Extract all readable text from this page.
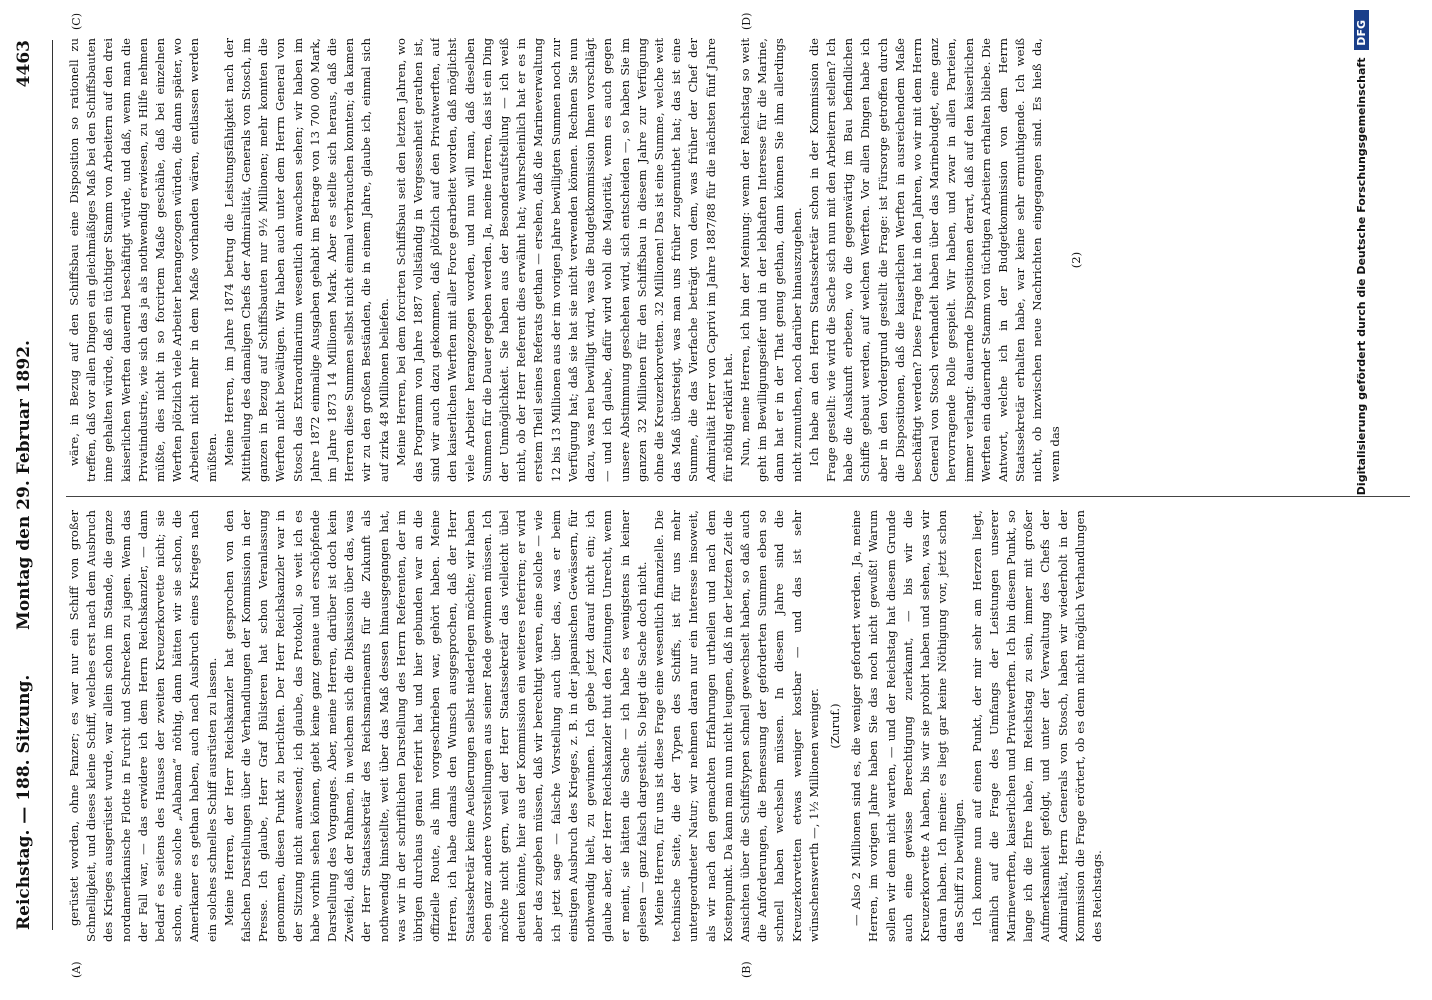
Reichstag. — 188. Sitzung.
Montag den 29. Februar 1892.
4463
(A)	(B)
(C)	(D)

gerüstet worden, ohne Panzer; es war nur ein Schiff von großer Schnelligkeit, und dieses kleine Schiff, welches erst nach dem Ausbruch des Krieges ausgerüstet wurde, war allein schon im Stande, die ganze nordamerikanische Flotte in Furcht und Schrecken zu jagen. Wenn das der Fall war, — das erwidere ich dem Herrn Reichskanzler, — dann bedarf es seitens des Hauses der zweiten Kreuzerkorvette nicht; sie schon, eine solche „Alabama“ nöthig, dann hätten wir sie schon, die Amerikaner es gethan haben, auch nach Ausbruch eines Krieges nach ein solches schnelles Schiff ausrüsten zu lassen. Meine Herren, der Herr Reichskanzler hat gesprochen von den falschen Darstellungen über die Verhandlungen der Kommission in der Presse. Ich glaube, Herr Graf Bülsteren hat schon Veranlassung genommen, diesen Punkt zu berichten. Der Herr Reichskanzler war in der Sitzung nicht anwesend; ich glaube, das Protokoll, so weit ich es habe vorhin sehen können, giebt keine ganz genaue und erschöpfende Darstellung des Vorganges. Aber, meine Herren, darüber ist doch kein Zweifel, daß der Rahmen, in welchem sich die Diskussion über das, was der Herr Staatssekretär des Reichsmarineamts für die Zukunft als nothwendig hinstellte, weit über das Maß dessen hinausgegangen hat, was wir in der schriftlichen Darstellung des Herrn Referenten, der im übrigen durchaus genau referirt hat und hier gebunden war an die offizielle Route, als ihm vorgeschrieben war, gehört haben. Meine Herren, ich habe damals den Wunsch ausgesprochen, daß der Herr Staatssekretär keine Aeußerungen selbst niederlegen möchte; wir haben eben ganz andere Vorstellungen aus seiner Rede gewinnen müssen. Ich möchte nicht gern, weil der Herr Staatssekretär das vielleicht übel deuten könnte, hier aus der Kommission ein weiteres referiren; er wird aber das zugeben müssen, daß wir berechtigt waren, eine solche — wie ich jetzt sage — falsche Vorstellung auch über das, was er beim einstigen Ausbruch des Krieges, z. B. in der japanischen Gewässern, für nothwendig hielt, zu gewinnen. Ich gebe jetzt darauf nicht ein; ich glaube aber, der Herr Reichskanzler thut den Zeitungen Unrecht, wenn er meint, sie hätten die Sache — ich habe es wenigstens in keiner gelesen — ganz falsch dargestellt. So liegt die Sache doch nicht. Meine Herren, für uns ist diese Frage eine wesentlich finanzielle. Die technische Seite, die der Typen des Schiffs, ist für uns mehr untergeordneter Natur; wir nehmen daran nur ein Interesse insoweit, als wir nach den gemachten Erfahrungen urtheilen und nach dem Kostenpunkt. Da kann man nun nicht leugnen, daß in der letzten Zeit die Ansichten über die Schiffstypen schnell gewechselt haben, so daß auch die Anforderungen, die Bemessung der geforderten Summen eben so schnell haben wechseln müssen. In diesem Jahre sind die Kreuzerkorvetten etwas weniger kostbar — und das ist sehr wünschenswerth —, 1½ Millionen weniger. (Zuruf.) — Also 2 Millionen sind es, die weniger gefordert werden. Ja, meine Herren, im vorigen Jahre haben Sie das noch nicht gewußt! Warum sollen wir denn nicht warten, — und der Reichstag hat diesem Grunde auch eine gewisse Berechtigung zuerkannt, — bis wir die Kreuzerkorvette A haben, bis wir sie probirt haben und sehen, was wir daran haben. Ich meine: es liegt gar keine Nöthigung vor, jetzt schon das Schiff zu bewilligen. Ich komme nun auf einen Punkt, der mir sehr am Herzen liegt, nämlich auf die Frage des Umfangs der Leistungen unserer Marinewerften, kaiserlichen und Privatwerften. Ich bin diesem Punkt, so lange ich die Ehre habe, im Reichstag zu sein, immer mit großer Aufmerksamkeit gefolgt, und unter der Verwaltung des Chefs der Admiralität, Herrn Generals von Stosch, haben wir wiederholt in der Kommission die Frage erörtert, ob es denn nicht möglich Verhandlungen des Reichstags.

wäre, in Bezug auf den Schiffsbau eine Disposition so rationell zu treffen, daß vor allen Dingen ein gleichmäßiges Maß bei den Schiffsbauten inne gehalten würde, daß ein tüchtiger Stamm von Arbeitern auf den drei kaiserlichen Werften dauernd beschäftigt würde, und daß, wenn man die Privatindustrie, wie sich das ja als nothwendig erwiesen, zu Hilfe nehmen müßte, dies nicht in so forcirtem Maße geschähe, daß bei einzelnen Werften plötzlich viele Arbeiter herangezogen würden, die dann später, wo Arbeiten nicht mehr in dem Maße vorhanden wären, entlassen werden müßten. Meine Herren, im Jahre 1874 betrug die Leistungsfähigkeit nach der Mittheilung des damaligen Chefs der Admiralität, Generals von Stosch, im ganzen in Bezug auf Schiffsbauten nur 9½ Millionen; mehr konnten die Werften nicht bewältigen. Wir haben auch unter dem Herrn General von Stosch das Extraordinarium wesentlich anwachsen sehen; wir haben im Jahre 1872 einmalige Ausgaben gehabt im Betrage von 13 700 000 Mark, im Jahre 1873 14 Millionen Mark. Aber es stellte sich heraus, daß die Herren diese Summen selbst nicht einmal verbrauchen konnten; da kamen wir zu den großen Beständen, die in einem Jahre, glaube ich, einmal sich auf zirka 48 Millionen beliefen. Meine Herren, bei dem forcirten Schiffsbau seit den letzten Jahren, wo das Programm von Jahre 1887 vollständig in Vergessenheit gerathen ist, sind wir auch dazu gekommen, daß plötzlich auf den Privatwerften, auf den kaiserlichen Werften mit aller Force gearbeitet worden, daß möglichst viele Arbeiter herangezogen worden, und nun will man, daß dieselben Summen für die Dauer gegeben werden. Ja, meine Herren, das ist ein Ding der Unmöglichkeit. Sie haben aus der Besonderaufstellung — ich weiß nicht, ob der Herr Referent dies erwähnt hat; wahrscheinlich hat er es in erstem Theil seines Referats gethan — ersehen, daß die Marineverwaltung 12 bis 13 Millionen aus der im vorigen Jahre bewilligten Summen noch zur Verfügung hat; daß sie hat sie nicht verwenden können. Rechnen Sie nun dazu, was neu bewilligt wird, was die Budgetkommission Ihnen vorschlägt — und ich glaube, dafür wird wohl die Majorität, wenn es auch gegen unsere Abstimmung geschehen wird, sich entscheiden —, so haben Sie im ganzen 32 Millionen für den Schiffsbau in diesem Jahre zur Verfügung ohne die Kreuzerkorvetten. 32 Millionen! Das ist eine Summe, welche weit das Maß übersteigt, was man uns früher zugemuthet hat; das ist eine Summe, die das Vierfache beträgt von dem, was früher der Chef der Admiralität Herr von Caprivi im Jahre 1887/88 für die nächsten fünf Jahre für nöthig erklärt hat. Nun, meine Herren, ich bin der Meinung: wenn der Reichstag so weit geht im Bewilligungseifer und in der lebhaften Interesse für die Marine, dann hat er in der That genug gethan, dann können Sie ihm allerdings nicht zumuthen, noch darüber hinauszugehen. Ich habe an den Herrn Staatssekretär schon in der Kommission die Frage gestellt: wie wird die Sache sich nun mit den Arbeitern stellen? Ich habe die Auskunft erbeten, wo die gegenwärtig im Bau befindlichen Schiffe gebaut werden, auf welchen Werften. Vor allen Dingen habe ich aber in den Vordergrund gestellt die Frage: ist Fürsorge getroffen durch die Dispositionen, daß die kaiserlichen Werften in ausreichendem Maße beschäftigt werden? Diese Frage hat in den Jahren, wo wir mit dem Herrn General von Stosch verhandelt haben über das Marinebudget, eine ganz hervorragende Rolle gespielt. Wir haben, und zwar in allen Parteien, immer verlangt: dauernde Dispositionen derart, daß auf den kaiserlichen Werften ein dauernder Stamm von tüchtigen Arbeitern erhalten bliebe. Die Antwort, welche ich in der Budgetkommission von dem Herrn Staatssekretär erhalten habe, war keine sehr ermuthigende. Ich weiß nicht, ob inzwischen neue Nachrichten eingegangen sind. Es hieß da, wenn das

(2)	Digitalisierung gefördert durch die Deutsche Forschungsgemeinschaft DFG
